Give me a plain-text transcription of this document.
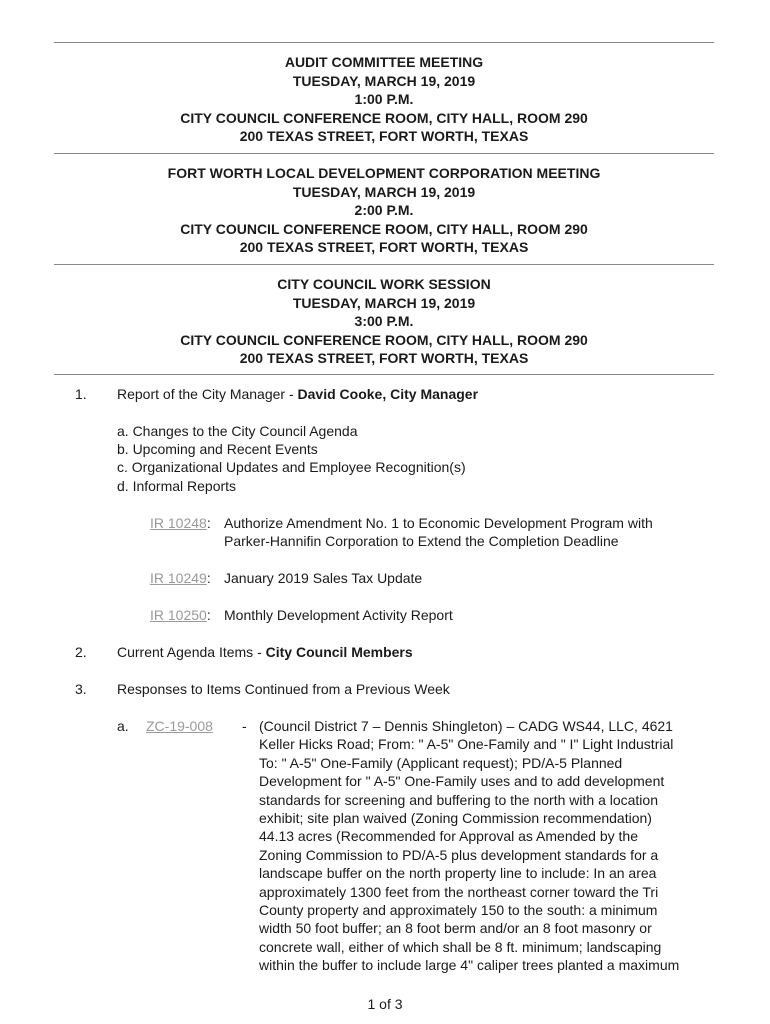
AUDIT COMMITTEE MEETING
TUESDAY, MARCH 19, 2019
1:00 P.M.
CITY COUNCIL CONFERENCE ROOM, CITY HALL, ROOM 290
200 TEXAS STREET, FORT WORTH, TEXAS
FORT WORTH LOCAL DEVELOPMENT CORPORATION MEETING
TUESDAY, MARCH 19, 2019
2:00 P.M.
CITY COUNCIL CONFERENCE ROOM, CITY HALL, ROOM 290
200 TEXAS STREET, FORT WORTH, TEXAS
CITY COUNCIL WORK SESSION
TUESDAY, MARCH 19, 2019
3:00 P.M.
CITY COUNCIL CONFERENCE ROOM, CITY HALL, ROOM 290
200 TEXAS STREET, FORT WORTH, TEXAS
1. Report of the City Manager - David Cooke, City Manager
a. Changes to the City Council Agenda
b. Upcoming and Recent Events
c. Organizational Updates and Employee Recognition(s)
d. Informal Reports
IR 10248: Authorize Amendment No. 1 to Economic Development Program with
Parker-Hannifin Corporation to Extend the Completion Deadline
IR 10249: January 2019 Sales Tax Update
IR 10250: Monthly Development Activity Report
2. Current Agenda Items - City Council Members
3. Responses to Items Continued from a Previous Week
a. ZC-19-008 - (Council District 7 – Dennis Shingleton) – CADG WS44, LLC, 4621
Keller Hicks Road; From: " A-5" One-Family and " I" Light Industrial
To: " A-5" One-Family (Applicant request); PD/A-5 Planned
Development for " A-5" One-Family uses and to add development
standards for screening and buffering to the north with a location
exhibit; site plan waived (Zoning Commission recommendation)
44.13 acres (Recommended for Approval as Amended by the
Zoning Commission to PD/A-5 plus development standards for a
landscape buffer on the north property line to include: In an area
approximately 1300 feet from the northeast corner toward the Tri
County property and approximately 150 to the south: a minimum
width 50 foot buffer; an 8 foot berm and/or an 8 foot masonry or
concrete wall, either of which shall be 8 ft. minimum; landscaping
within the buffer to include large 4" caliper trees planted a maximum
1 of 3
